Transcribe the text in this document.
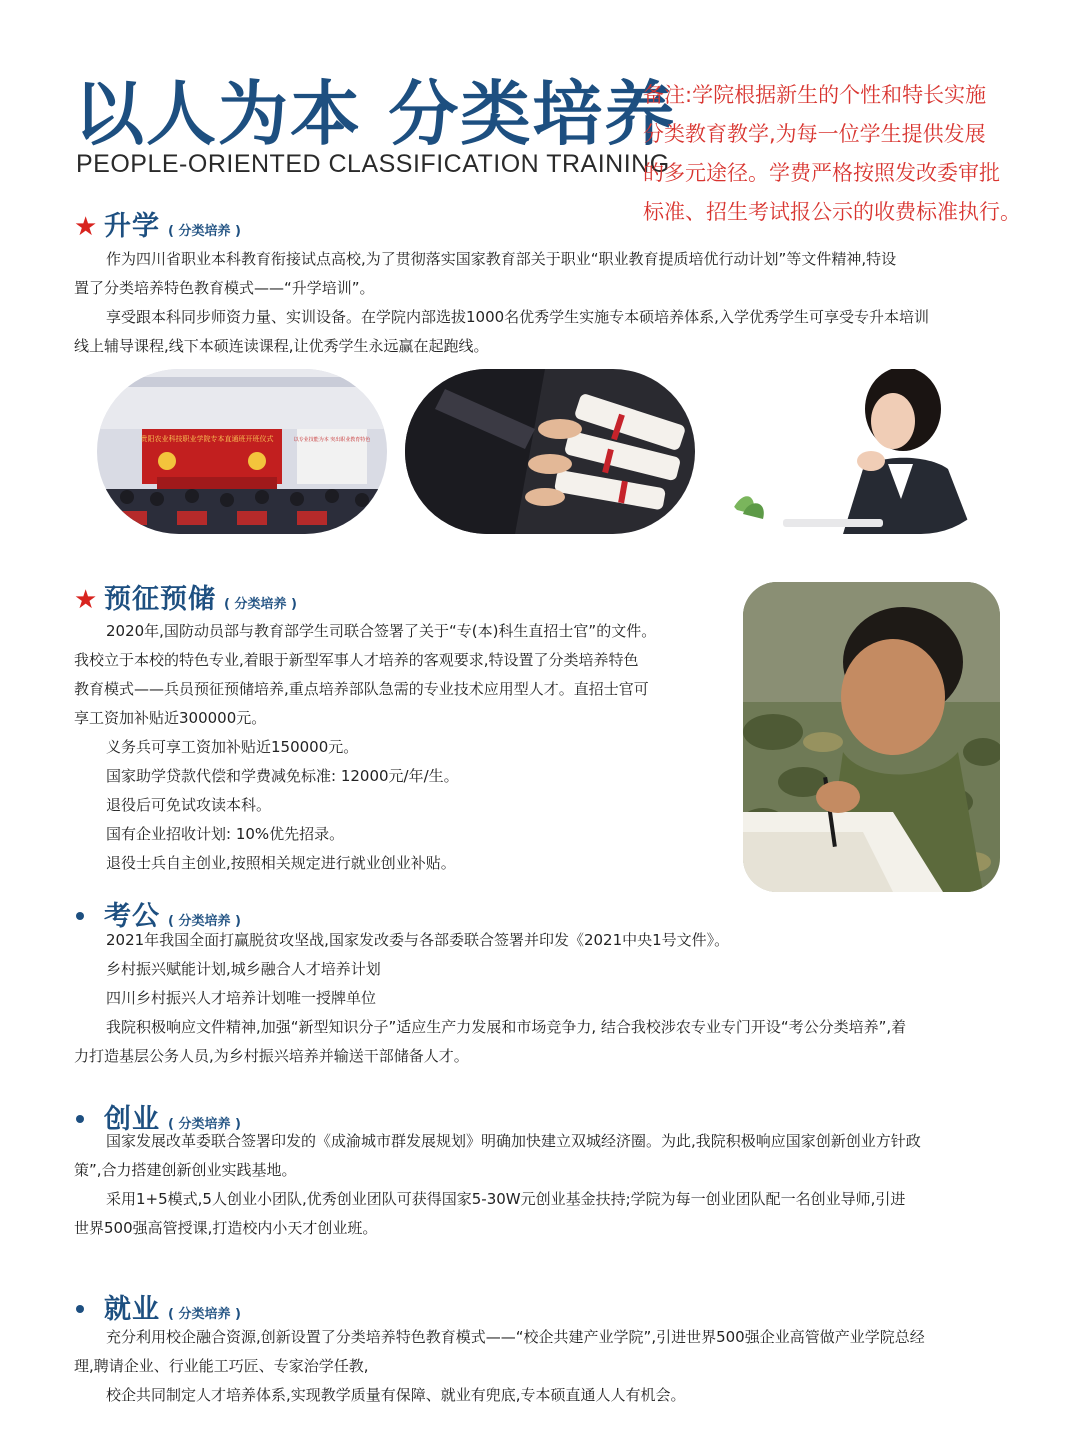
以人为本 分类培养
PEOPLE-ORIENTED CLASSIFICATION TRAINING

备注:学院根据新生的个性和特长实施

分类教育教学,为每一位学生提供发展

的多元途径。学费严格按照发改委审批

标准、招生考试报公示的收费标准执行。

★ 升学 ( 分类培养 )

作为四川省职业本科教育衔接试点高校,为了贯彻落实国家教育部关于职业“职业教育提质培优行动计划”等文件精神,特设

置了分类培养特色教育模式——“升学培训”。

享受跟本科同步师资力量、实训设备。在学院内部选拔1000名优秀学生实施专本硕培养体系,入学优秀学生可享受专升本培训

线上辅导课程,线下本硕连读课程,让优秀学生永远赢在起跑线。

贵阳农业科技职业学院专本直通班开班仪式	以专业技能为本 突出职业教育特色
★ 预征预储 ( 分类培养 )

2020年,国防动员部与教育部学生司联合签署了关于“专(本)科生直招士官”的文件。

我校立于本校的特色专业,着眼于新型军事人才培养的客观要求,特设置了分类培养特色

教育模式——兵员预征预储培养,重点培养部队急需的专业技术应用型人才。直招士官可

享工资加补贴近300000元。

义务兵可享工资加补贴近150000元。

国家助学贷款代偿和学费减免标准: 12000元/年/生。

退役后可免试攻读本科。

国有企业招收计划: 10%优先招录。

退役士兵自主创业,按照相关规定进行就业创业补贴。

考公 ( 分类培养 )

2021年我国全面打赢脱贫攻坚战,国家发改委与各部委联合签署并印发《2021中央1号文件》。

乡村振兴赋能计划,城乡融合人才培养计划

四川乡村振兴人才培养计划唯一授牌单位

我院积极响应文件精神,加强“新型知识分子”适应生产力发展和市场竞争力, 结合我校涉农专业专门开设“考公分类培养”,着

力打造基层公务人员,为乡村振兴培养并输送干部储备人才。

创业 ( 分类培养 )

国家发展改革委联合签署印发的《成渝城市群发展规划》明确加快建立双城经济圈。为此,我院积极响应国家创新创业方针政

策”,合力搭建创新创业实践基地。

采用1+5模式,5人创业小团队,优秀创业团队可获得国家5-30W元创业基金扶持;学院为每一创业团队配一名创业导师,引进

世界500强高管授课,打造校内小天才创业班。

就业 ( 分类培养 )

充分利用校企融合资源,创新设置了分类培养特色教育模式——“校企共建产业学院”,引进世界500强企业高管做产业学院总经

理,聘请企业、行业能工巧匠、专家治学任教,

校企共同制定人才培养体系,实现教学质量有保障、就业有兜底,专本硕直通人人有机会。
